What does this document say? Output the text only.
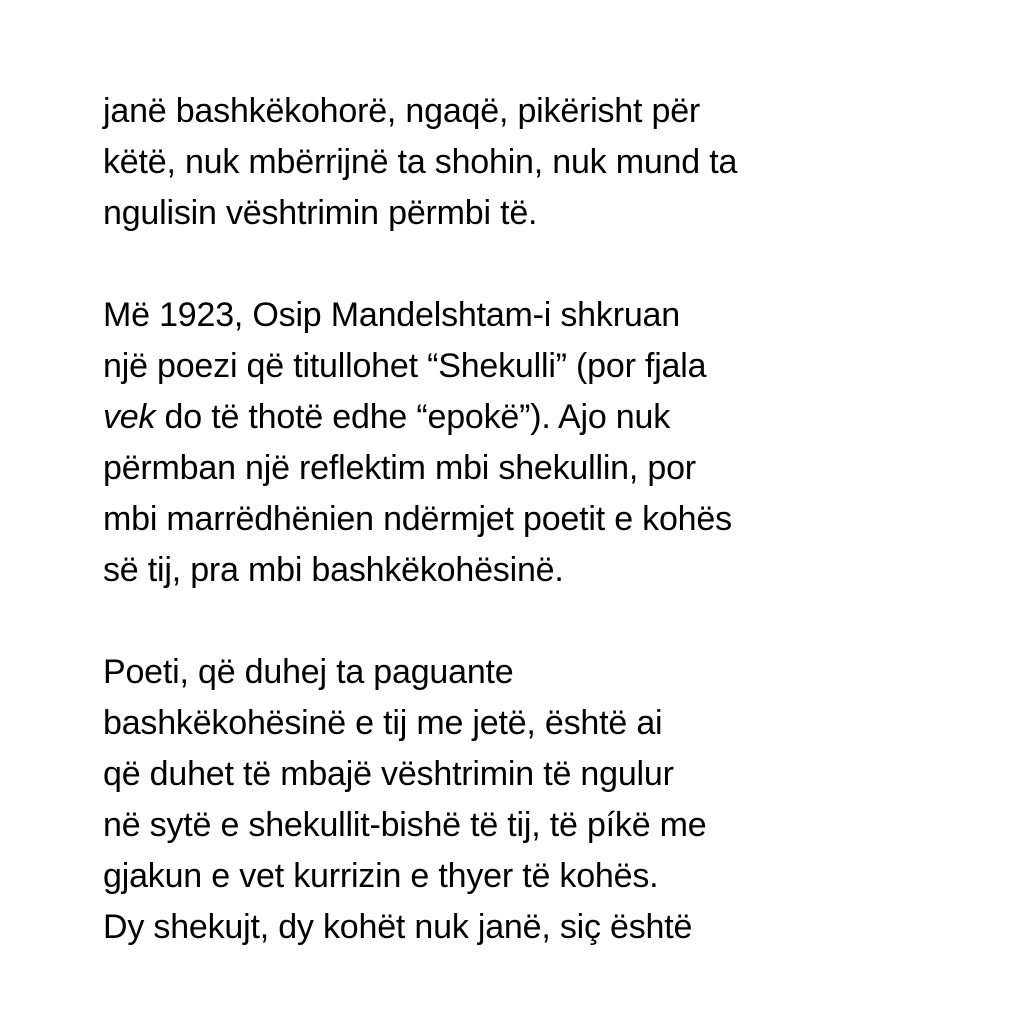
janë bashkëkohorë, ngaqë, pikërisht për
këtë, nuk mbërrijnë ta shohin, nuk mund ta
ngulisin vështrimin përmbi të.

Më 1923, Osip Mandelshtam-i shkruan
një poezi që titullohet “Shekulli” (por fjala
vek do të thotë edhe “epokë”). Ajo nuk
përmban një reflektim mbi shekullin, por
mbi marrëdhënien ndërmjet poetit e kohës
së tij, pra mbi bashkëkohësinë.

Poeti, që duhej ta paguante
bashkëkohësinë e tij me jetë, është ai
që duhet të mbajë vështrimin të ngulur
në sytë e shekullit-bishë të tij, të píkë me
gjakun e vet kurrizin e thyer të kohës.
Dy shekujt, dy kohët nuk janë, siç është
